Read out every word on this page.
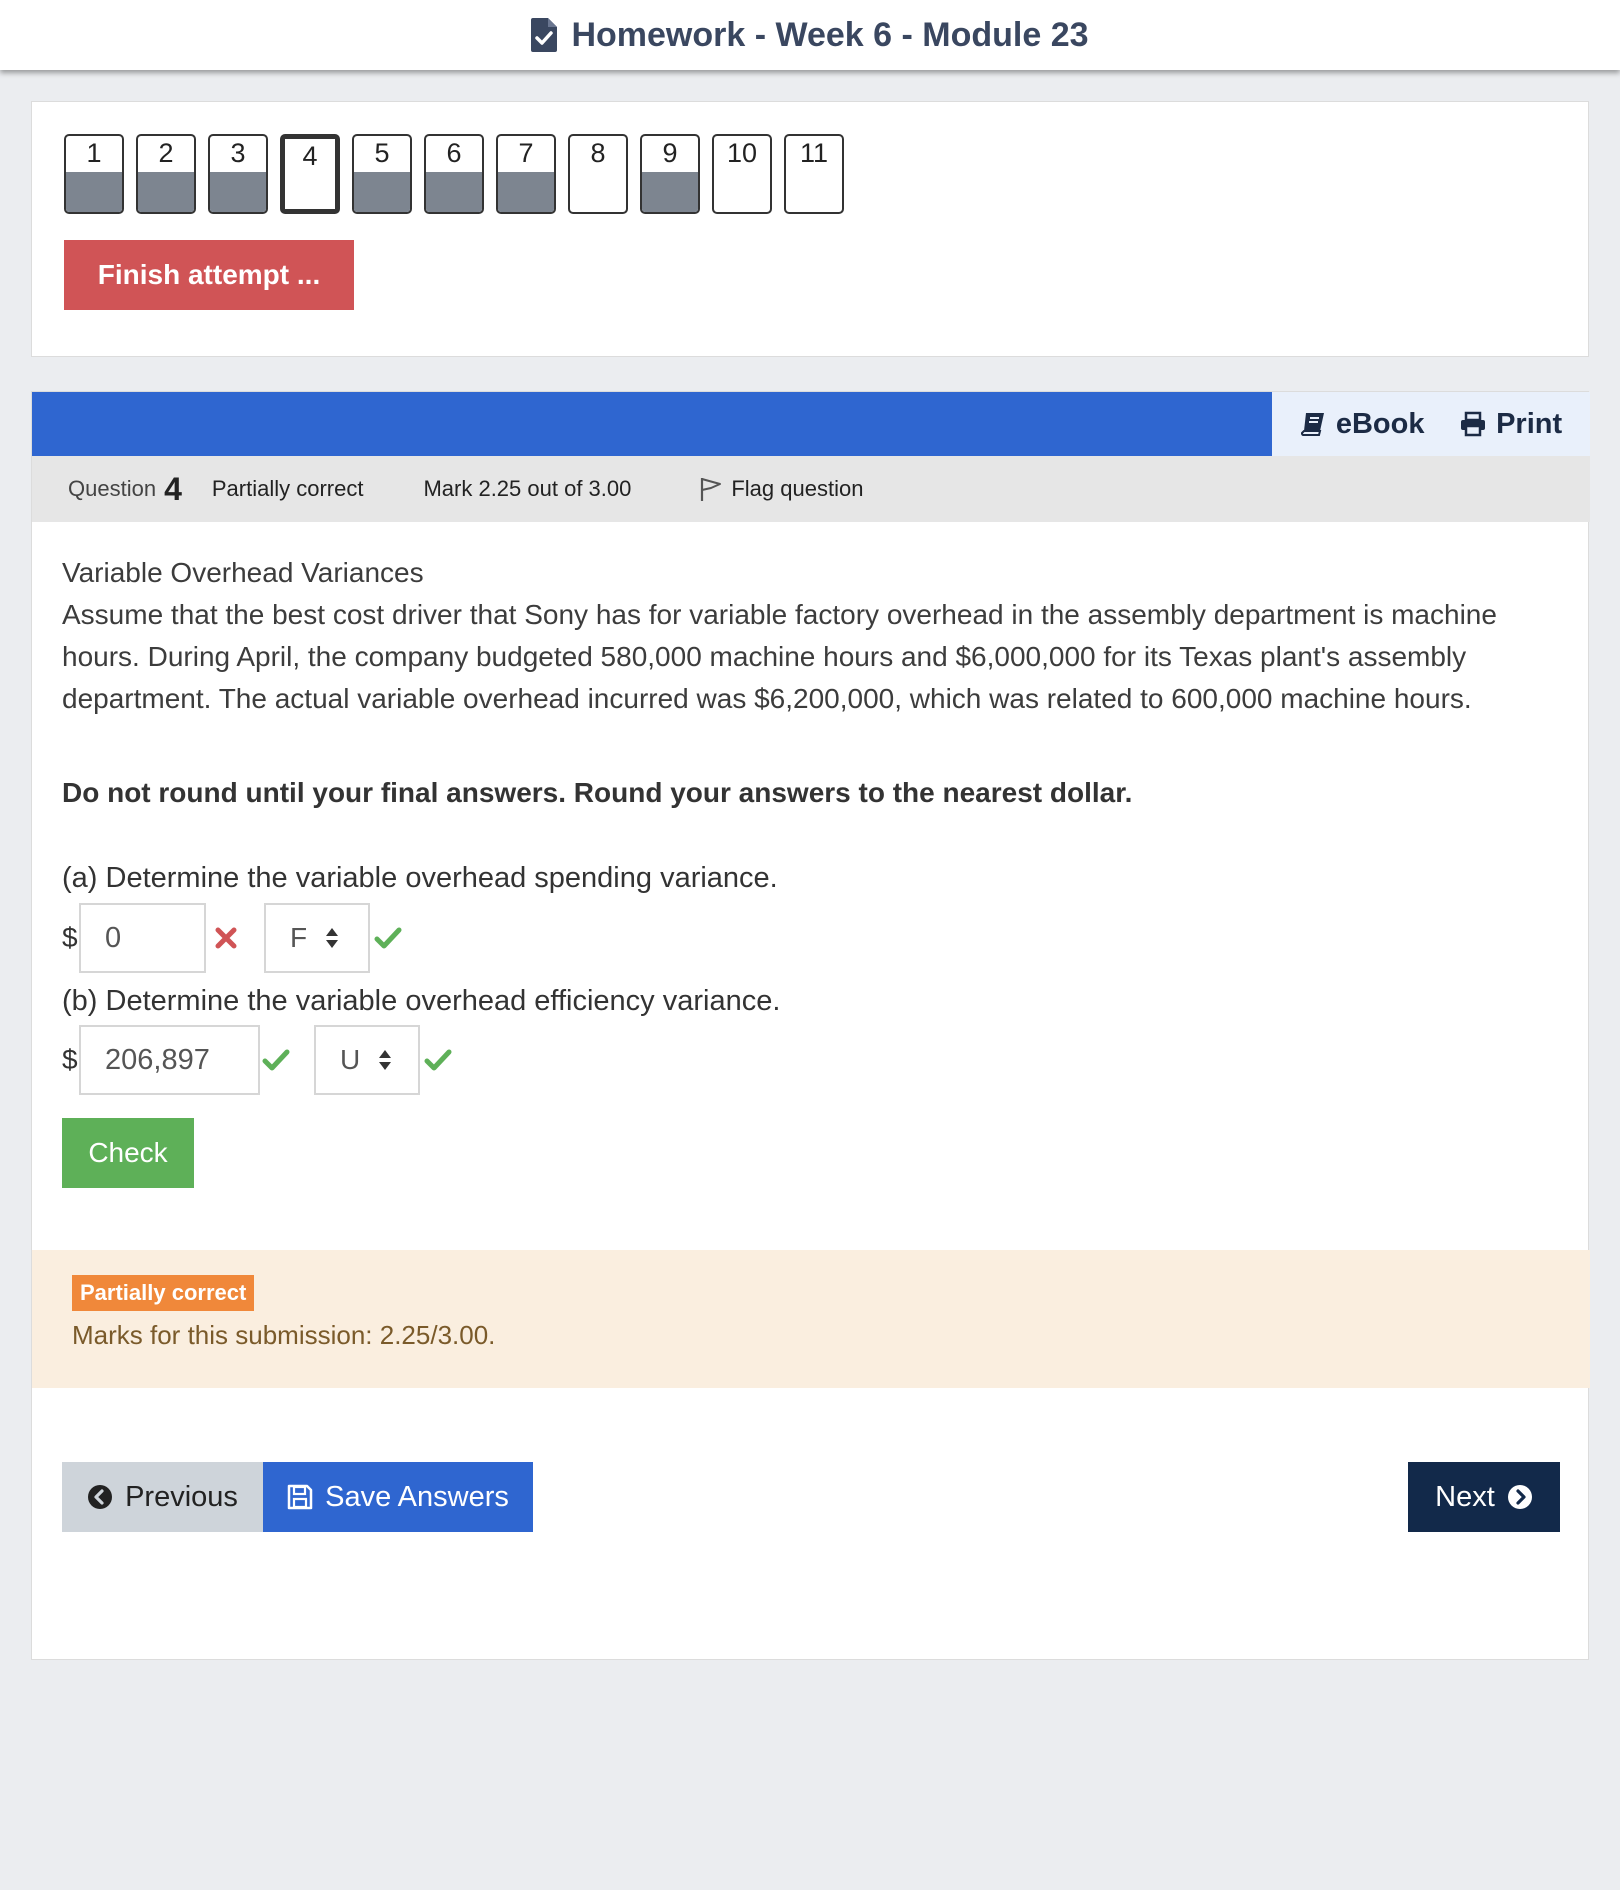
Homework - Week 6 - Module 23
1	2	3	4	5	6	7	8	9	10	11
Finish attempt ...
eBook Print
Question 4 Partially correct	Mark 2.25 out of 3.00	Flag question
Variable Overhead Variances
Assume that the best cost driver that Sony has for variable factory overhead in the assembly department is machine hours. During April, the company budgeted 580,000 machine hours and $6,000,000 for its Texas plant's assembly department. The actual variable overhead incurred was $6,200,000, which was related to 600,000 machine hours.
Do not round until your final answers. Round your answers to the nearest dollar.
(a) Determine the variable overhead spending variance.
$ 0	F
(b) Determine the variable overhead efficiency variance.
$ 206,897	U
Check
Partially correct
Marks for this submission: 2.25/3.00.
Previous	Save Answers	Next
